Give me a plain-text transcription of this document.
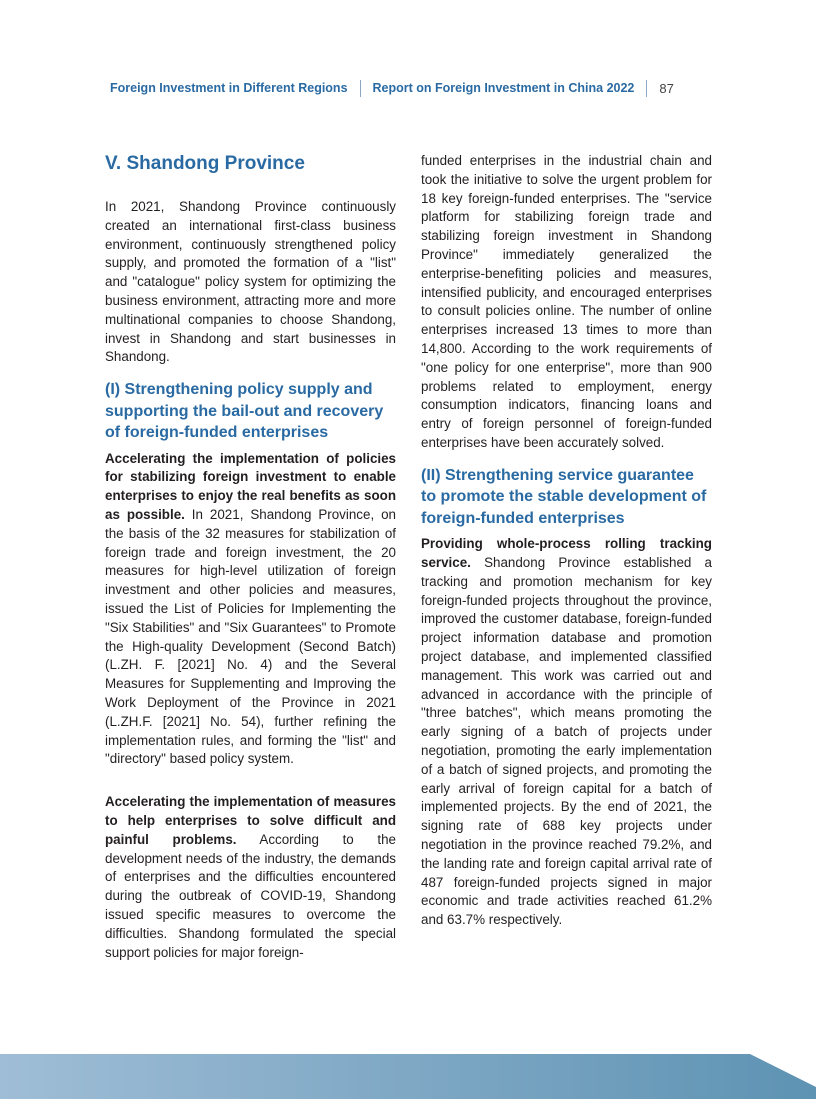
Foreign Investment in Different Regions Report on Foreign Investment in China 2022 87
V. Shandong Province

In 2021, Shandong Province continuously created an international first-class business environment, continuously strengthened policy supply, and promoted the formation of a "list" and "catalogue" policy system for optimizing the business environment, attracting more and more multinational companies to choose Shandong, invest in Shandong and start businesses in Shandong.

(I) Strengthening policy supply and supporting the bail-out and recovery of foreign-funded enterprises

Accelerating the implementation of policies for stabilizing foreign investment to enable enterprises to enjoy the real benefits as soon as possible. In 2021, Shandong Province, on the basis of the 32 measures for stabilization of foreign trade and foreign investment, the 20 measures for high-level utilization of foreign investment and other policies and measures, issued the List of Policies for Implementing the "Six Stabilities" and "Six Guarantees" to Promote the High-quality Development (Second Batch) (L.ZH. F. [2021] No. 4) and the Several Measures for Supplementing and Improving the Work Deployment of the Province in 2021 (L.ZH.F. [2021] No. 54), further refining the implementation rules, and forming the "list" and "directory" based policy system.

Accelerating the implementation of measures to help enterprises to solve difficult and painful problems. According to the development needs of the industry, the demands of enterprises and the difficulties encountered during the outbreak of COVID-19, Shandong issued specific measures to overcome the difficulties. Shandong formulated the special support policies for major foreign-

funded enterprises in the industrial chain and took the initiative to solve the urgent problem for 18 key foreign-funded enterprises. The "service platform for stabilizing foreign trade and stabilizing foreign investment in Shandong Province" immediately generalized the enterprise-benefiting policies and measures, intensified publicity, and encouraged enterprises to consult policies online. The number of online enterprises increased 13 times to more than 14,800. According to the work requirements of "one policy for one enterprise", more than 900 problems related to employment, energy consumption indicators, financing loans and entry of foreign personnel of foreign-funded enterprises have been accurately solved.

(II) Strengthening service guarantee to promote the stable development of foreign-funded enterprises

Providing whole-process rolling tracking service. Shandong Province established a tracking and promotion mechanism for key foreign-funded projects throughout the province, improved the customer database, foreign-funded project information database and promotion project database, and implemented classified management. This work was carried out and advanced in accordance with the principle of "three batches", which means promoting the early signing of a batch of projects under negotiation, promoting the early implementation of a batch of signed projects, and promoting the early arrival of foreign capital for a batch of implemented projects. By the end of 2021, the signing rate of 688 key projects under negotiation in the province reached 79.2%, and the landing rate and foreign capital arrival rate of 487 foreign-funded projects signed in major economic and trade activities reached 61.2% and 63.7% respectively.
